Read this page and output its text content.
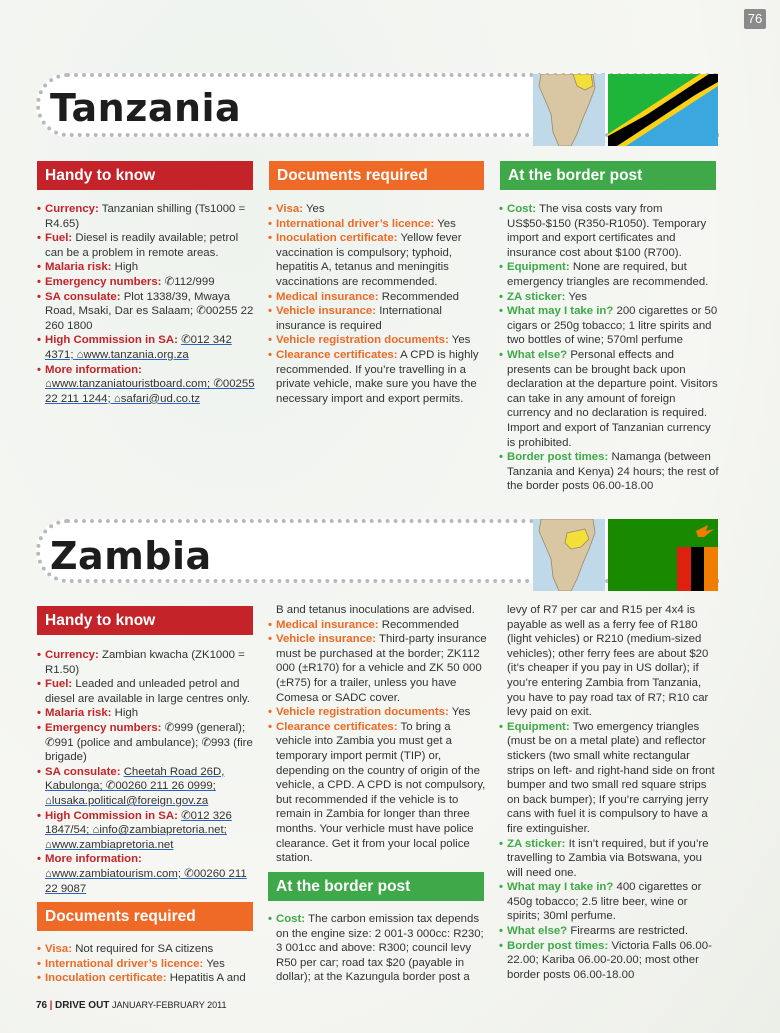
76
Tanzania
Handy to know	Documents required	At the border post
• Currency: Tanzanian shilling (Ts1000 = R4.65)
• Fuel: Diesel is readily available; petrol can be a problem in remote areas.
• Malaria risk: High
• Emergency numbers: ✆112/999
• SA consulate: Plot 1338/39, Mwaya Road, Msaki, Dar es Salaam; ✆00255 22 260 1800
• High Commission in SA: ✆012 342 4371; ⌂www.tanzania.org.za
• More information: ⌂www.tanzaniatouristboard.com; ✆00255 22 211 1244; ⌂safari@ud.co.tz
• Visa: Yes
• International driver’s licence: Yes
• Inoculation certificate: Yellow fever vaccination is compulsory; typhoid, hepatitis A, tetanus and meningitis vaccinations are recommended.
• Medical insurance: Recommended
• Vehicle insurance: International insurance is required
• Vehicle registration documents: Yes
• Clearance certificates: A CPD is highly recommended. If you’re travelling in a private vehicle, make sure you have the necessary import and export permits.
• Cost: The visa costs vary from US$50-$150 (R350-R1050). Temporary import and export certificates and insurance cost about $100 (R700).
• Equipment: None are required, but emergency triangles are recommended.
• ZA sticker: Yes
• What may I take in? 200 cigarettes or 50 cigars or 250g tobacco; 1 litre spirits and two bottles of wine; 570ml perfume
• What else? Personal effects and presents can be brought back upon declaration at the departure point. Visitors can take in any amount of foreign currency and no declaration is required. Import and export of Tanzanian currency is prohibited.
• Border post times: Namanga (between Tanzania and Kenya) 24 hours; the rest of the border posts 06.00-18.00
Zambia
Handy to know
• Currency: Zambian kwacha (ZK1000 = R1.50)
• Fuel: Leaded and unleaded petrol and diesel are available in large centres only.
• Malaria risk: High
• Emergency numbers: ✆999 (general); ✆991 (police and ambulance); ✆993 (fire brigade)
• SA consulate: Cheetah Road 26D, Kabulonga; ✆00260 211 26 0999; ⌂lusaka.political@foreign.gov.za
• High Commission in SA: ✆012 326 1847/54; ⌂info@zambiapretoria.net; ⌂www.zambiapretoria.net
• More information: ⌂www.zambiatourism.com; ✆00260 211 22 9087
Documents required
• Visa: Not required for SA citizens
• International driver’s licence: Yes
• Inoculation certificate: Hepatitis A and
B and tetanus inoculations are advised.
• Medical insurance: Recommended
• Vehicle insurance: Third-party insurance must be purchased at the border; ZK112 000 (±R170) for a vehicle and ZK 50 000 (±R75) for a trailer, unless you have Comesa or SADC cover.
• Vehicle registration documents: Yes
• Clearance certificates: To bring a vehicle into Zambia you must get a temporary import permit (TIP) or, depending on the country of origin of the vehicle, a CPD. A CPD is not compulsory, but recommended if the vehicle is to remain in Zambia for longer than three months. Your verhicle must have police clearance. Get it from your local police station.
At the border post
• Cost: The carbon emission tax depends on the engine size: 2 001-3 000cc: R230; 3 001cc and above: R300; council levy R50 per car; road tax $20 (payable in dollar); at the Kazungula border post a
levy of R7 per car and R15 per 4x4 is payable as well as a ferry fee of R180 (light vehicles) or R210 (medium-sized vehicles); other ferry fees are about $20 (it’s cheaper if you pay in US dollar); if you’re entering Zambia from Tanzania, you have to pay road tax of R7; R10 car levy paid on exit.
• Equipment: Two emergency triangles (must be on a metal plate) and reflector stickers (two small white rectangular strips on left- and right-hand side on front bumper and two small red square strips on back bumper); If you’re carrying jerry cans with fuel it is compulsory to have a fire extinguisher.
• ZA sticker: It isn’t required, but if you’re travelling to Zambia via Botswana, you will need one.
• What may I take in? 400 cigarettes or 450g tobacco; 2.5 litre beer, wine or spirits; 30ml perfume.
• What else? Firearms are restricted.
• Border post times: Victoria Falls 06.00-22.00; Kariba 06.00-20.00; most other border posts 06.00-18.00
76 | DRIVE OUT JANUARY-FEBRUARY 2011
